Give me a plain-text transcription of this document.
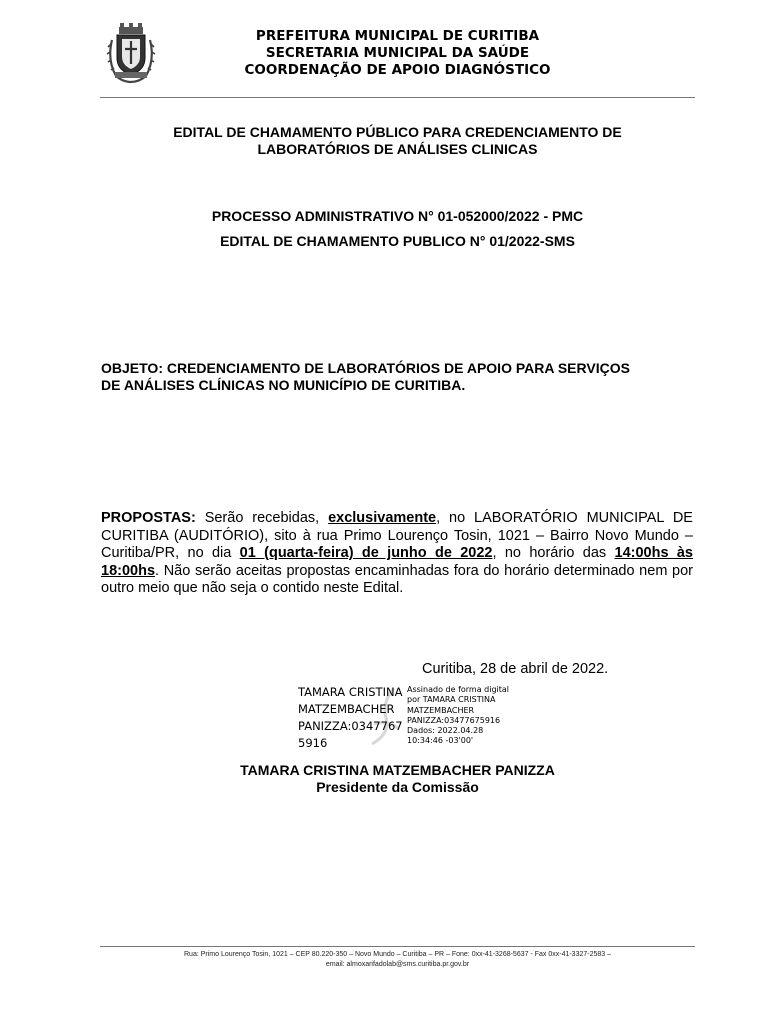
PREFEITURA MUNICIPAL DE CURITIBA
SECRETARIA MUNICIPAL DA SAÚDE
COORDENAÇÃO DE APOIO DIAGNÓSTICO
EDITAL DE CHAMAMENTO PÚBLICO PARA CREDENCIAMENTO DE
LABORATÓRIOS DE ANÁLISES CLINICAS
PROCESSO ADMINISTRATIVO N° 01-052000/2022 - PMC
EDITAL DE CHAMAMENTO PUBLICO N° 01/2022-SMS
OBJETO: CREDENCIAMENTO DE LABORATÓRIOS DE APOIO PARA SERVIÇOS
DE ANÁLISES CLÍNICAS NO MUNICÍPIO DE CURITIBA.
PROPOSTAS: Serão recebidas, exclusivamente, no LABORATÓRIO MUNICIPAL DE CURITIBA (AUDITÓRIO), sito à rua Primo Lourenço Tosin, 1021 – Bairro Novo Mundo – Curitiba/PR, no dia 01 (quarta-feira) de junho de 2022, no horário das 14:00hs às 18:00hs. Não serão aceitas propostas encaminhadas fora do horário determinado nem por outro meio que não seja o contido neste Edital.
Curitiba, 28 de abril de 2022.
TAMARA CRISTINA
MATZEMBACHER
PANIZZA:0347767
5916
Assinado de forma digital
por TAMARA CRISTINA
MATZEMBACHER
PANIZZA:03477675916
Dados: 2022.04.28
10:34:46 -03'00'
TAMARA CRISTINA MATZEMBACHER PANIZZA
Presidente da Comissão
Rua: Primo Lourenço Tosin, 1021 – CEP 80.220-350 – Novo Mundo – Curitiba – PR – Fone: 0xx-41-3268-5637 - Fax 0xx-41-3327-2583 –
email: almoxarifadolab@sms.curitiba.pr.gov.br
